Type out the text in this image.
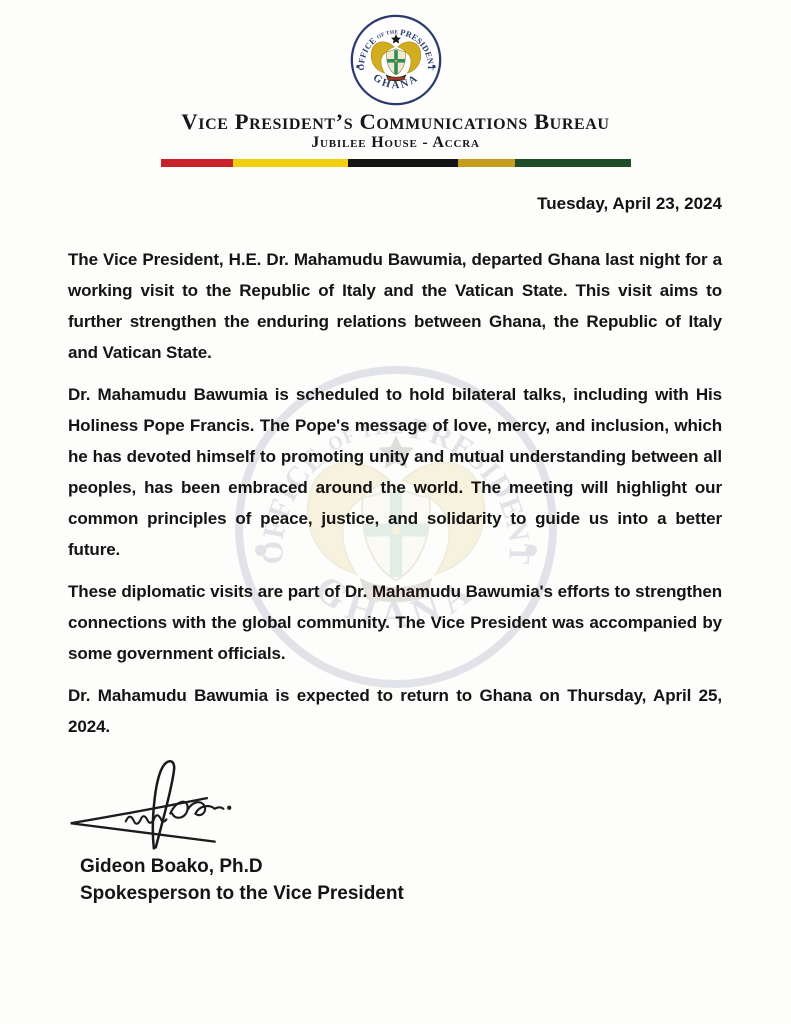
Vice President’s Communications Bureau
Jubilee House - Accra
Tuesday, April 23, 2024

The Vice President, H.E. Dr. Mahamudu Bawumia, departed Ghana last night for a working visit to the Republic of Italy and the Vatican State. This visit aims to further strengthen the enduring relations between Ghana, the Republic of Italy and Vatican State.

Dr. Mahamudu Bawumia is scheduled to hold bilateral talks, including with His Holiness Pope Francis. The Pope's message of love, mercy, and inclusion, which he has devoted himself to promoting unity and mutual understanding between all peoples, has been embraced around the world. The meeting will highlight our common principles of peace, justice, and solidarity to guide us into a better future.

These diplomatic visits are part of Dr. Mahamudu Bawumia's efforts to strengthen connections with the global community. The Vice President was accompanied by some government officials.

Dr. Mahamudu Bawumia is expected to return to Ghana on Thursday, April 25, 2024.

Gideon Boako, Ph.D
Spokesperson to the Vice President
